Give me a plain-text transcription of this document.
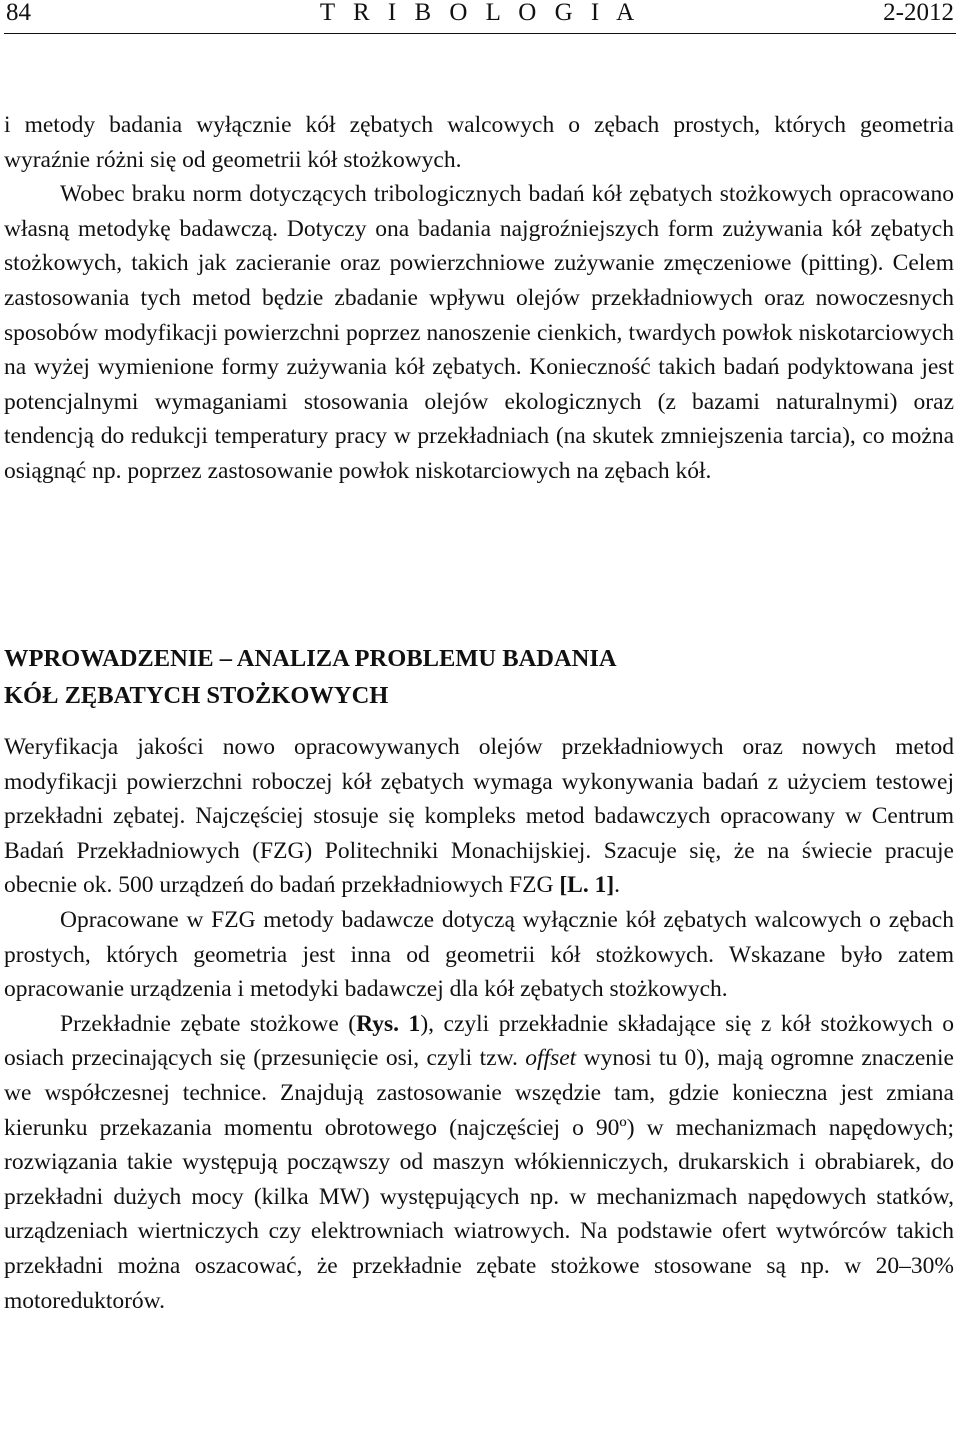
84	T R I B O L O G I A	2-2012

i metody badania wyłącznie kół zębatych walcowych o zębach prostych, których geometria wyraźnie różni się od geometrii kół stożkowych.

Wobec braku norm dotyczących tribologicznych badań kół zębatych stożkowych opracowano własną metodykę badawczą. Dotyczy ona badania najgroźniejszych form zużywania kół zębatych stożkowych, takich jak zacieranie oraz powierzchniowe zużywanie zmęczeniowe (pitting). Celem zastosowania tych metod będzie zbadanie wpływu olejów przekładniowych oraz nowoczesnych sposobów modyfikacji powierzchni poprzez nanoszenie cienkich, twardych powłok niskotarciowych na wyżej wymienione formy zużywania kół zębatych. Konieczność takich badań podyktowana jest potencjalnymi wymaganiami stosowania olejów ekologicznych (z bazami naturalnymi) oraz tendencją do redukcji temperatury pracy w przekładniach (na skutek zmniejszenia tarcia), co można osiągnąć np. poprzez zastosowanie powłok niskotarciowych na zębach kół.

WPROWADZENIE – ANALIZA PROBLEMU BADANIA
KÓŁ ZĘBATYCH STOŻKOWYCH

Weryfikacja jakości nowo opracowywanych olejów przekładniowych oraz nowych metod modyfikacji powierzchni roboczej kół zębatych wymaga wykonywania badań z użyciem testowej przekładni zębatej. Najczęściej stosuje się kompleks metod badawczych opracowany w Centrum Badań Przekładniowych (FZG) Politechniki Monachijskiej. Szacuje się, że na świecie pracuje obecnie ok. 500 urządzeń do badań przekładniowych FZG [L. 1].

Opracowane w FZG metody badawcze dotyczą wyłącznie kół zębatych walcowych o zębach prostych, których geometria jest inna od geometrii kół stożkowych. Wskazane było zatem opracowanie urządzenia i metodyki badawczej dla kół zębatych stożkowych.

Przekładnie zębate stożkowe (Rys. 1), czyli przekładnie składające się z kół stożkowych o osiach przecinających się (przesunięcie osi, czyli tzw. offset wynosi tu 0), mają ogromne znaczenie we współczesnej technice. Znajdują zastosowanie wszędzie tam, gdzie konieczna jest zmiana kierunku przekazania momentu obrotowego (najczęściej o 90º) w mechanizmach napędowych; rozwiązania takie występują począwszy od maszyn włókienniczych, drukarskich i obrabiarek, do przekładni dużych mocy (kilka MW) występujących np. w mechanizmach napędowych statków, urządzeniach wiertniczych czy elektrowniach wiatrowych. Na podstawie ofert wytwórców takich przekładni można oszacować, że przekładnie zębate stożkowe stosowane są np. w 20–30% motoreduktorów.
